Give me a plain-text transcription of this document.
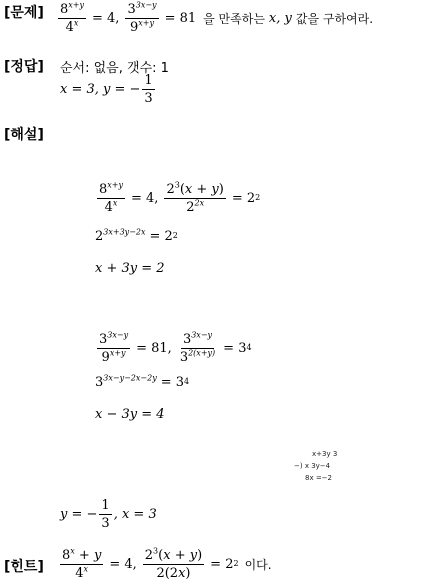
[문제] $\frac{8^{x+y}}{4^x} = 4$, $\frac{3^{3x-y}}{9^{x+y}} = 81$ 을 만족하는 x, y 값을 구하여라.
[정답] 순서: 없음, 갯수: 1
x = 3, y = − $\frac{1}{3}$
[해설]
$\frac{8^{x+y}}{4^x} = 4$, $\frac{2^3(x + y)}{2^{2x}} = 2$ 2
$2^{3x+3y-2x} = 2$ 2
x + 3y = 2
$\frac{3^{3x-y}}{9^{x+y}} = 81$, $\frac{3^{3x-y}}{3^{2(x+y)}} = 3$ 4
$3^{3x-y-2x-2y} = 3$ 4
x − 3y = 4
x+3y 3
−) x 3y−4
8x =−2
y = − $\frac{1}{3}$ , x = 3
[힌트] $\frac{8^x + y}{4^x} = 4$, $\frac{2^3(x + y)}{2(2x)} = 2$ 2 이다.
